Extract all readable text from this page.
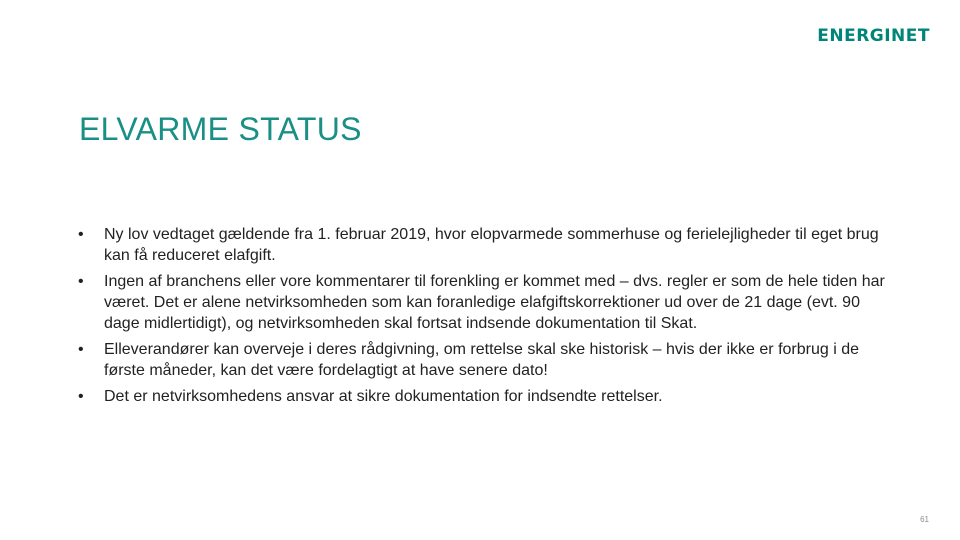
ENERGINET
ELVARME STATUS
•	Ny lov vedtaget gældende fra 1. februar 2019, hvor elopvarmede sommerhuse og ferielejligheder til eget brug kan få reduceret elafgift.
•	Ingen af branchens eller vore kommentarer til forenkling er kommet med – dvs. regler er som de hele tiden har været. Det er alene netvirksomheden som kan foranledige elafgiftskorrektioner ud over de 21 dage (evt. 90 dage midlertidigt), og netvirksomheden skal fortsat indsende dokumentation til Skat.
•	Elleverandører kan overveje i deres rådgivning, om rettelse skal ske historisk – hvis der ikke er forbrug i de første måneder, kan det være fordelagtigt at have senere dato!
•	Det er netvirksomhedens ansvar at sikre dokumentation for indsendte rettelser.
61
